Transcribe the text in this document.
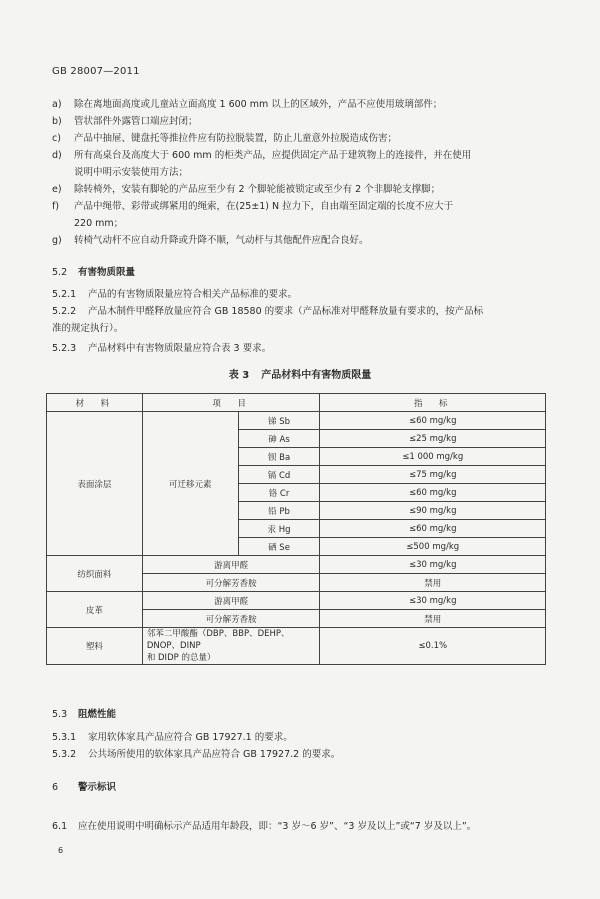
GB 28007—2011
a)	除在离地面高度或儿童站立面高度 1 600 mm 以上的区域外，产品不应使用玻璃部件；
b)	管状部件外露管口端应封闭；
c)	产品中抽屉、键盘托等推拉件应有防拉脱装置，防止儿童意外拉脱造成伤害；
d)	所有高桌台及高度大于 600 mm 的柜类产品，应提供固定产品于建筑物上的连接件，并在使用
说明中明示安装使用方法；
e)	除转椅外，安装有脚轮的产品应至少有 2 个脚轮能被锁定或至少有 2 个非脚轮支撑脚；
f)	产品中绳带、彩带或绑紧用的绳索，在(25±1) N 拉力下，自由端至固定端的长度不应大于
220 mm；
g)	转椅气动杆不应自动升降或升降不顺，气动杆与其他配件应配合良好。
5.2 有害物质限量
5.2.1 产品的有害物质限量应符合相关产品标准的要求。
5.2.2 产品木制件甲醛释放量应符合 GB 18580 的要求（产品标准对甲醛释放量有要求的，按产品标
准的规定执行）。
5.2.3 产品材料中有害物质限量应符合表 3 要求。
表 3 产品材料中有害物质限量
材　料	项　目		指　标
表面涂层	可迁移元素	锑 Sb	≤60 mg/kg
		砷 As	≤25 mg/kg
		钡 Ba	≤1 000 mg/kg
		镉 Cd	≤75 mg/kg
		铬 Cr	≤60 mg/kg
		铅 Pb	≤90 mg/kg
		汞 Hg	≤60 mg/kg
		硒 Se	≤500 mg/kg
纺织面料	游离甲醛		≤30 mg/kg
	可分解芳香胺		禁用
皮革	游离甲醛		≤30 mg/kg
	可分解芳香胺		禁用
塑料	邻苯二甲酸酯（DBP、BBP、DEHP、DNOP、DINP
和 DIDP 的总量）		≤0.1%
5.3 阻燃性能
5.3.1 家用软体家具产品应符合 GB 17927.1 的要求。
5.3.2 公共场所使用的软体家具产品应符合 GB 17927.2 的要求。
6 警示标识
6.1 应在使用说明中明确标示产品适用年龄段，即：“3 岁～6 岁”、“3 岁及以上”或“7 岁及以上”。
6
